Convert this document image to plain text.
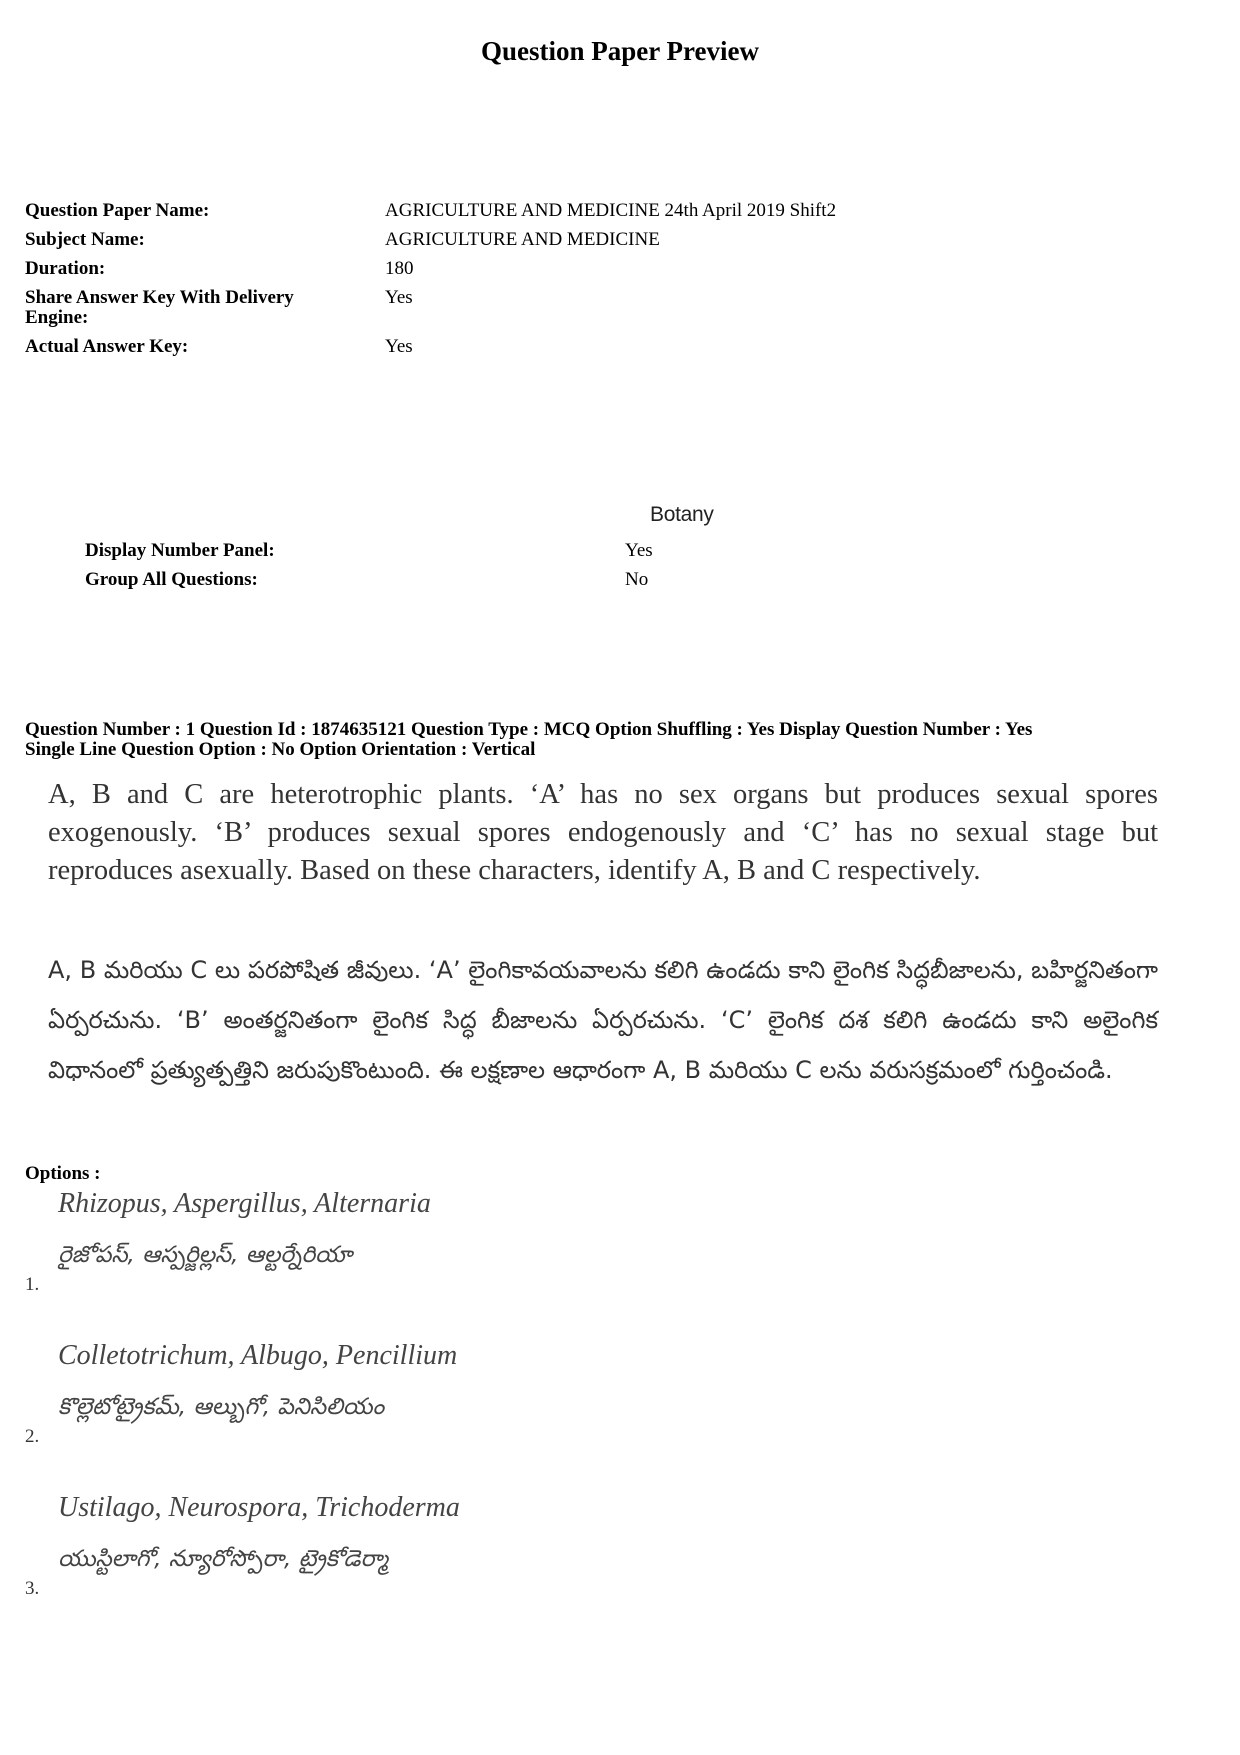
Question Paper Preview
Question Paper Name:	AGRICULTURE AND MEDICINE 24th April 2019 Shift2
Subject Name:	AGRICULTURE AND MEDICINE
Duration:	180
Share Answer Key With Delivery Engine:
Yes
Actual Answer Key:	Yes
Botany
Display Number Panel:	Yes
Group All Questions:	No
Question Number : 1 Question Id : 1874635121 Question Type : MCQ Option Shuffling : Yes Display Question Number : Yes
Single Line Question Option : No Option Orientation : Vertical
A, B and C are heterotrophic plants. ‘A’ has no sex organs but produces sexual spores exogenously. ‘B’ produces sexual spores endogenously and ‘C’ has no sexual stage but reproduces asexually. Based on these characters, identify A, B and C respectively.
A, B మరియు C లు పరపోషిత జీవులు. ‘A’ లైంగికావయవాలను కలిగి ఉండదు కాని లైంగిక సిద్ధబీజాలను, బహిర్జనితంగా ఏర్పరచును. ‘B’ అంతర్జనితంగా లైంగిక సిద్ధ బీజాలను ఏర్పరచును. ‘C’ లైంగిక దశ కలిగి ఉండదు కాని అలైంగిక విధానంలో ప్రత్యుత్పత్తిని జరుపుకొంటుంది. ఈ లక్షణాల ఆధారంగా A, B మరియు C లను వరుసక్రమంలో గుర్తించండి.
Options :
Rhizopus, Aspergillus, Alternaria
రైజోపస్, ఆస్పర్జిల్లస్, ఆల్టర్నేరియా
1.
Colletotrichum, Albugo, Pencillium
కొల్లెటోట్రైకమ్, ఆల్బుగో, పెనిసిలియం
2.
Ustilago, Neurospora, Trichoderma
యుస్టిలాగో, న్యూరోస్పోరా, ట్రైకోడెర్మా
3.
